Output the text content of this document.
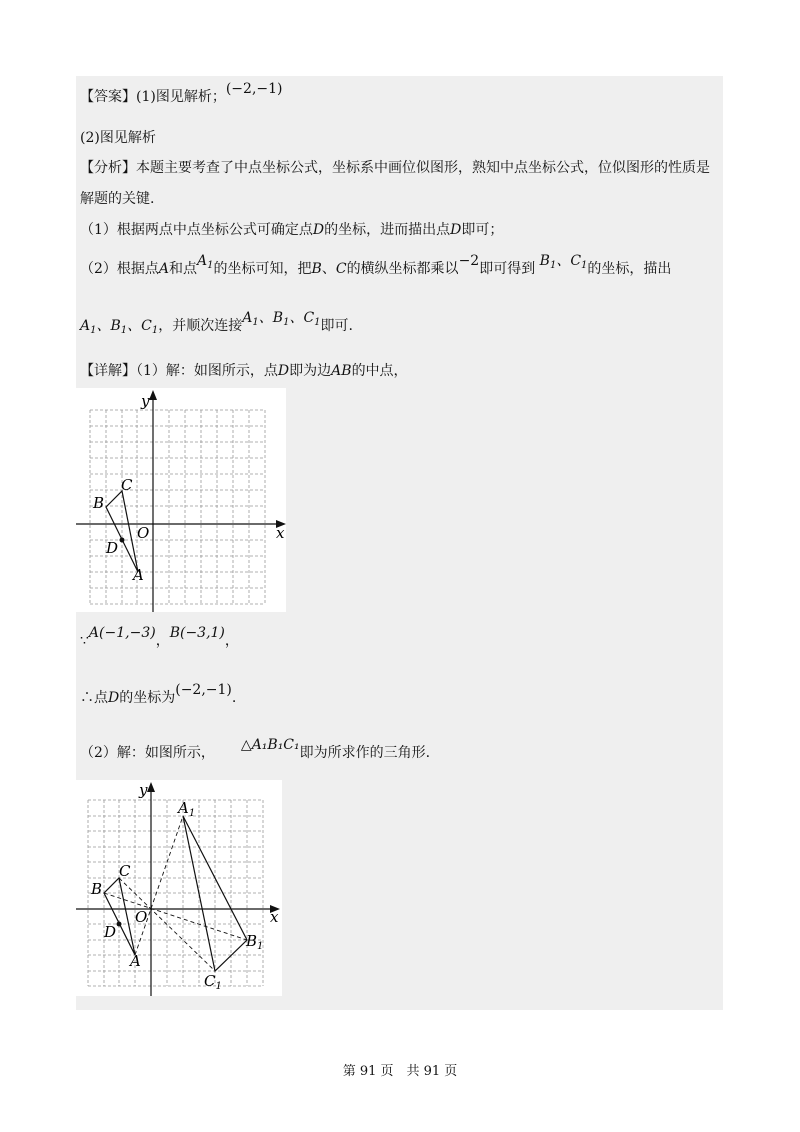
【答案】(1)图见解析；(−2,−1)
(2)图见解析
【分析】本题主要考查了中点坐标公式，坐标系中画位似图形，熟知中点坐标公式，位似图形的性质是
解题的关键.
（1）根据两点中点坐标公式可确定点D的坐标，进而描出点D即可；
（2）根据点A和点$A_1$的坐标可知，把B、C的横纵坐标都乘以−2即可得到 $B_1$、$C_1$的坐标，描出
$A_1$、$B_1$、$C_1$，并顺次连接$A_1$、$B_1$、$C_1$即可.
【详解】（1）解：如图所示，点D即为边AB的中点，
y
x
O
B
C
D
A
∵A(−1,−3)，B(−3,1)，
∴点D的坐标为(−2,−1).
（2）解：如图所示， △A₁B₁C₁即为所求作的三角形.
y
x
O
B
C
D
A
$A_1$
$B_1$
$C_1$
第 91 页　共 91 页
